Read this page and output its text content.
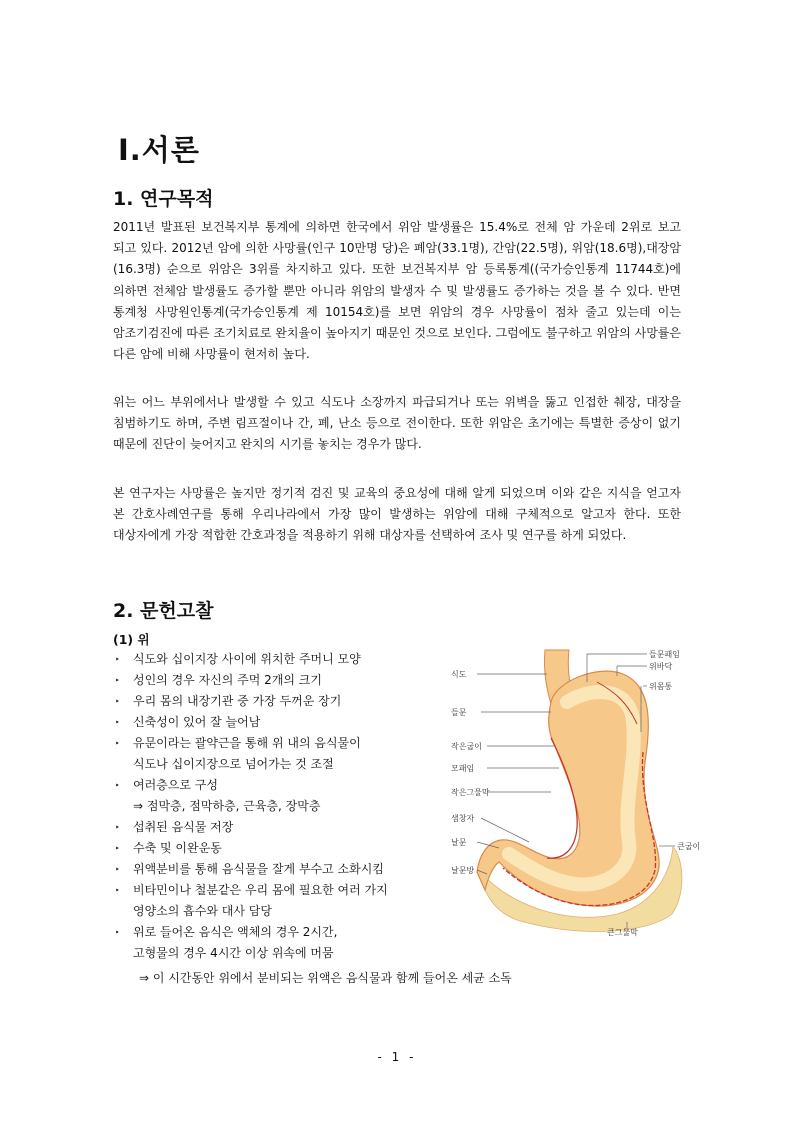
Ⅰ.서론
1. 연구목적
2011년 발표된 보건복지부 통계에 의하면 한국에서 위암 발생률은 15.4%로 전체 암 가운데 2위로 보고 되고 있다. 2012년 암에 의한 사망률(인구 10만명 당)은 폐암(33.1명), 간암(22.5명), 위암(18.6명),대장암(16.3명) 순으로 위암은 3위를 차지하고 있다. 또한 보건복지부 암 등록통계((국가승인통계 11744호)에 의하면 전체암 발생률도 증가할 뿐만 아니라 위암의 발생자 수 및 발생률도 증가하는 것을 볼 수 있다. 반면 통계청 사망원인통계(국가승인통계 제 10154호)를 보면 위암의 경우 사망률이 점차 줄고 있는데 이는 암조기검진에 따른 조기치료로 완치율이 높아지기 때문인 것으로 보인다. 그럼에도 불구하고 위암의 사망률은 다른 암에 비해 사망률이 현저히 높다.
위는 어느 부위에서나 발생할 수 있고 식도나 소장까지 파급되거나 또는 위벽을 뚫고 인접한 췌장, 대장을 침범하기도 하며, 주변 림프절이나 간, 폐, 난소 등으로 전이한다. 또한 위암은 초기에는 특별한 증상이 없기 때문에 진단이 늦어지고 완치의 시기를 놓치는 경우가 많다.
본 연구자는 사망률은 높지만 정기적 검진 및 교육의 중요성에 대해 알게 되었으며 이와 같은 지식을 얻고자 본 간호사례연구를 통해 우리나라에서 가장 많이 발생하는 위암에 대해 구체적으로 알고자 한다. 또한 대상자에게 가장 적합한 간호과정을 적용하기 위해 대상자를 선택하여 조사 및 연구를 하게 되었다.
2. 문헌고찰
(1) 위
‣ 식도와 십이지장 사이에 위치한 주머니 모양
‣ 성인의 경우 자신의 주먹 2개의 크기
‣ 우리 몸의 내장기관 중 가장 두꺼운 장기
‣ 신축성이 있어 잘 늘어남
‣ 유문이라는 괄약근을 통해 위 내의 음식물이
식도나 십이지장으로 넘어가는 것 조절
‣ 여러층으로 구성
⇒ 점막층, 점막하층, 근육층, 장막층
‣ 섭취된 음식물 저장
‣ 수축 및 이완운동
‣ 위액분비를 통해 음식물을 잘게 부수고 소화시킴
‣ 비타민이나 철분같은 우리 몸에 필요한 여러 가지
영양소의 흡수와 대사 담당
‣ 위로 들어온 음식은 액체의 경우 2시간,
고형물의 경우 4시간 이상 위속에 머뭄
⇒ 이 시간동안 위에서 분비되는 위액은 음식물과 함께 들어온 세균 소독
식도
들문
작은굽이
모패임
작은그물막
샘창자
날문
날문방
들문패임
위바닥
위몸통
큰굽이
큰그물막
- 1 -
